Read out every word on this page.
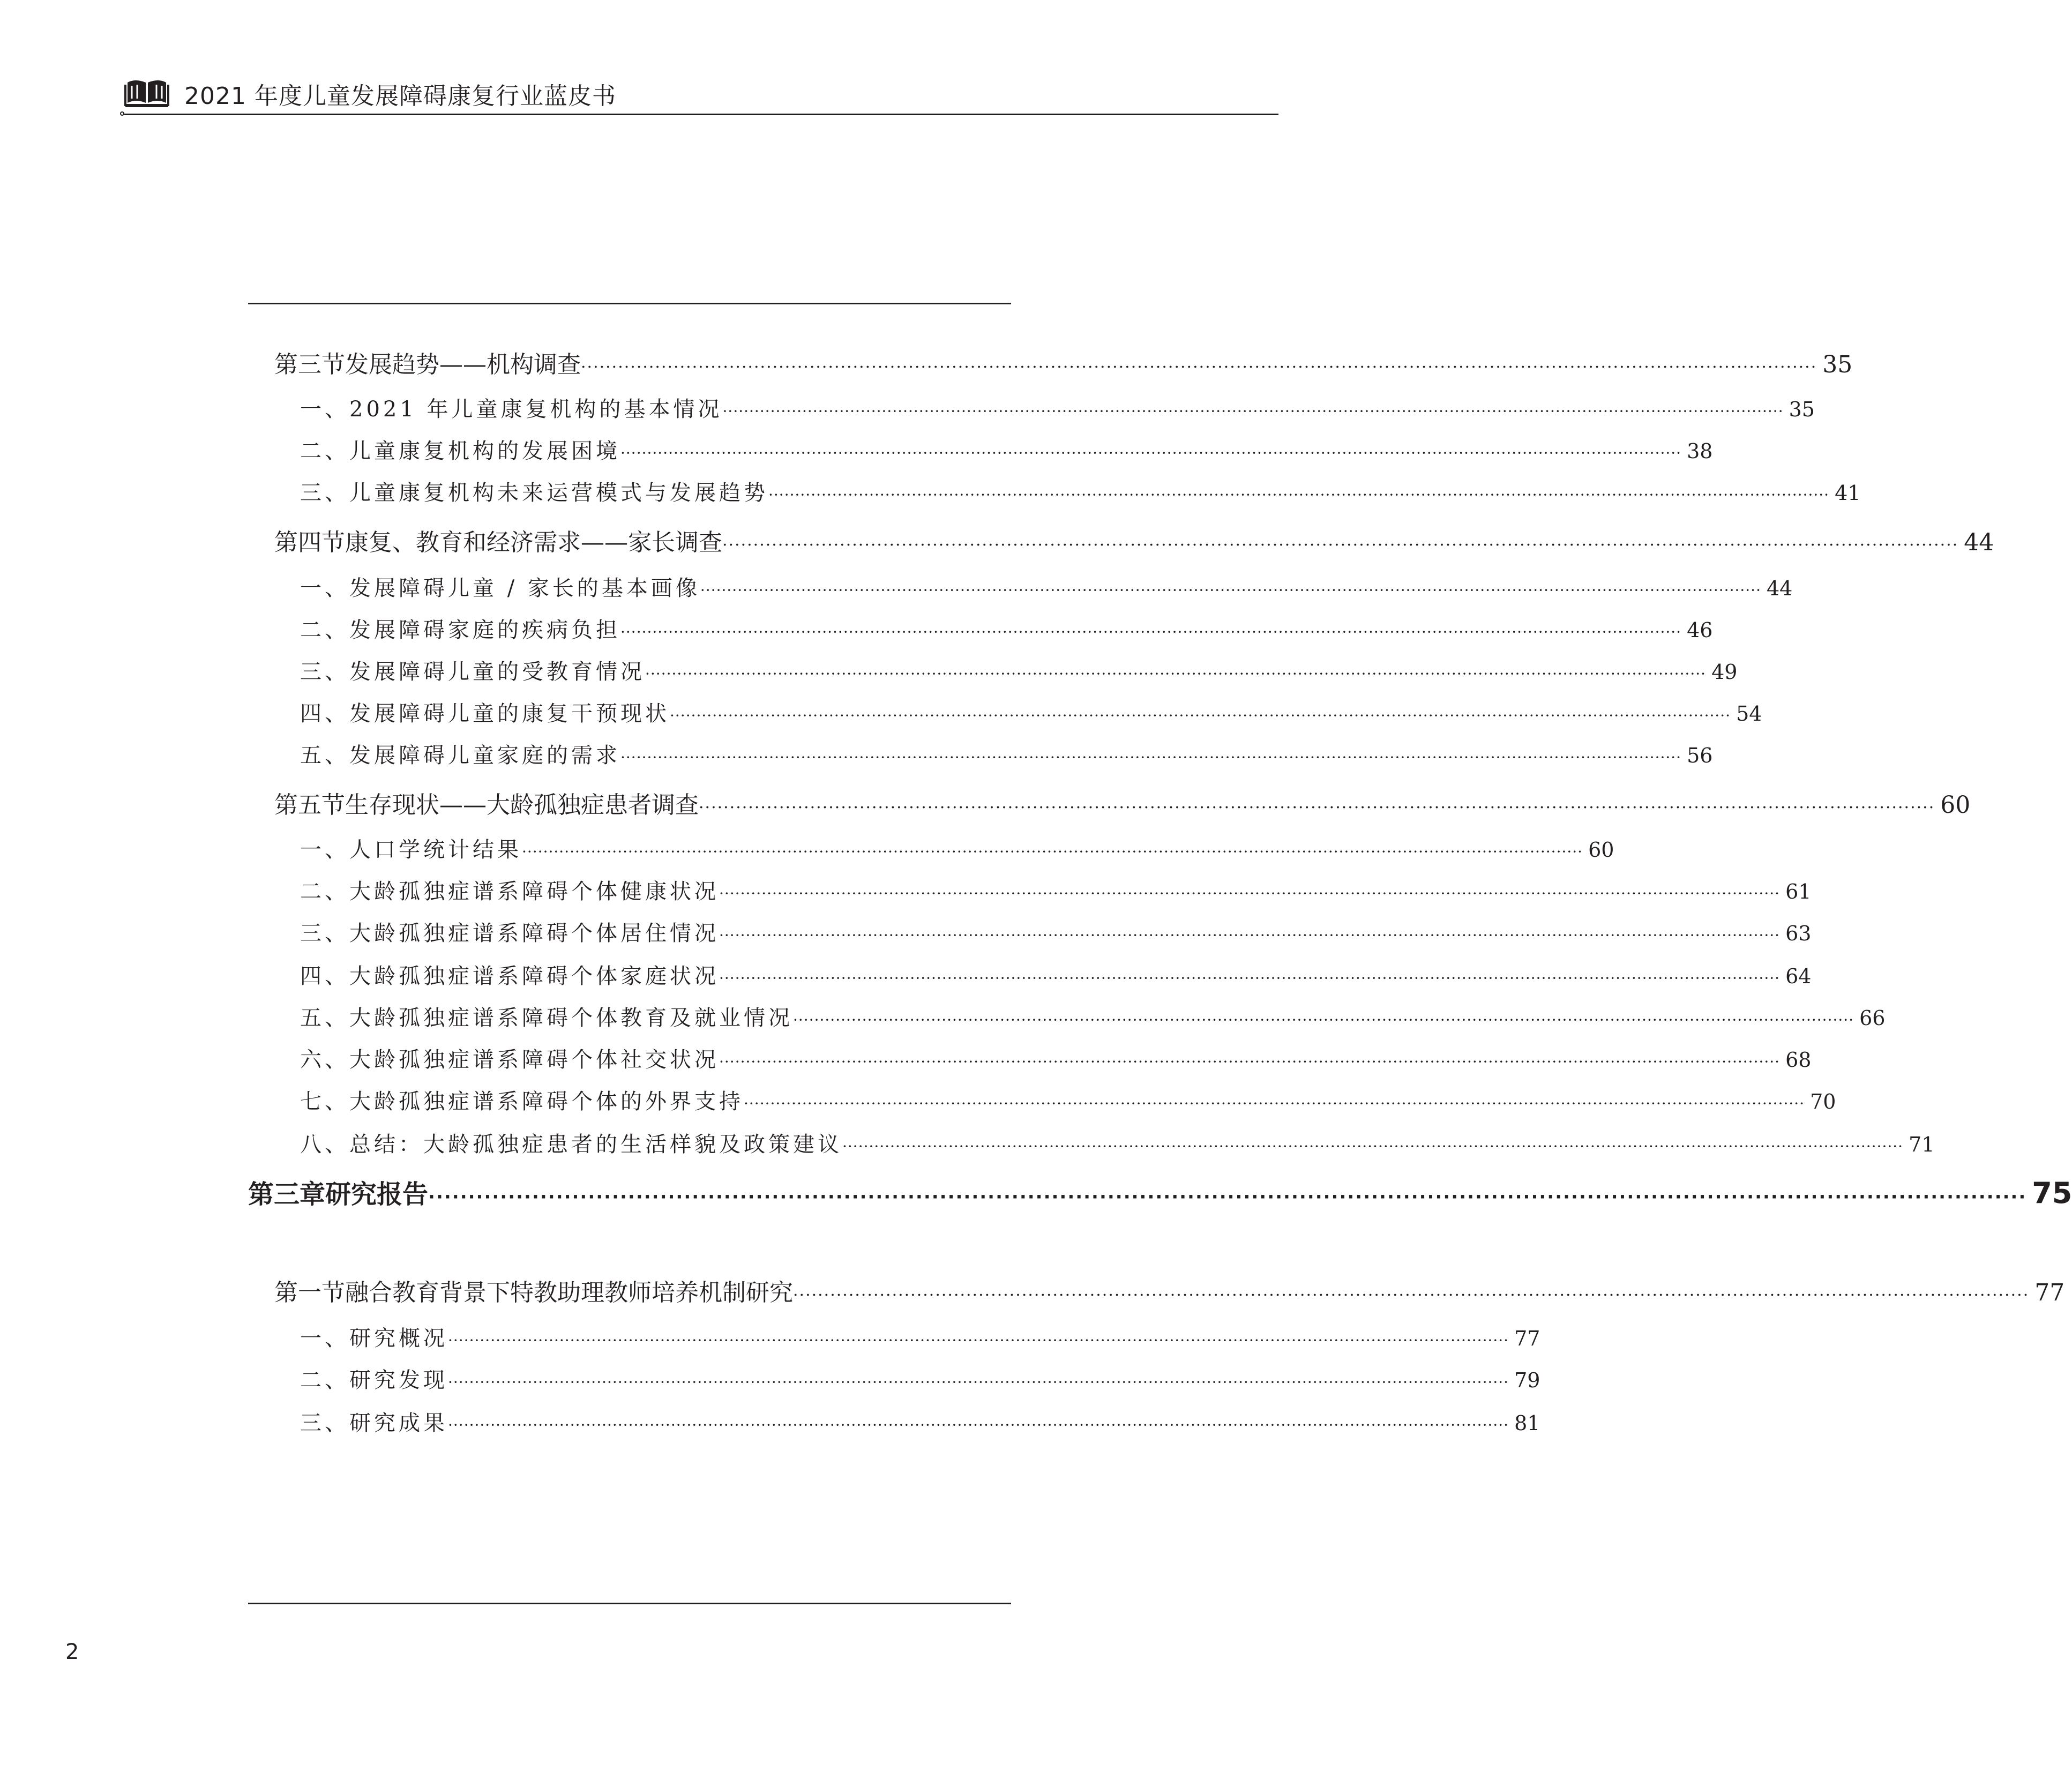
2021 年度儿童发展障碍康复行业蓝皮书
第三节 发展趋势——机构调查 ········································································································································································································ 35
一、2021 年儿童康复机构的基本情况 ········································································································································································································ 35
二、儿童康复机构的发展困境 ········································································································································································································ 38
三、儿童康复机构未来运营模式与发展趋势 ········································································································································································································ 41
第四节 康复、教育和经济需求——家长调查 ········································································································································································································ 44
一、发展障碍儿童 / 家长的基本画像 ········································································································································································································ 44
二、发展障碍家庭的疾病负担 ········································································································································································································ 46
三、发展障碍儿童的受教育情况 ········································································································································································································ 49
四、发展障碍儿童的康复干预现状 ········································································································································································································ 54
五、发展障碍儿童家庭的需求 ········································································································································································································ 56
第五节 生存现状——大龄孤独症患者调查 ········································································································································································································ 60
一、人口学统计结果 ········································································································································································································ 60
二、大龄孤独症谱系障碍个体健康状况 ········································································································································································································ 61
三、大龄孤独症谱系障碍个体居住情况 ········································································································································································································ 63
四、大龄孤独症谱系障碍个体家庭状况 ········································································································································································································ 64
五、大龄孤独症谱系障碍个体教育及就业情况 ········································································································································································································ 66
六、大龄孤独症谱系障碍个体社交状况 ········································································································································································································ 68
七、大龄孤独症谱系障碍个体的外界支持 ········································································································································································································ 70
八、总结：大龄孤独症患者的生活样貌及政策建议 ········································································································································································································ 71
第三章 研究报告 ········································································································································································································ 75
第一节 融合教育背景下特教助理教师培养机制研究 ········································································································································································································ 77
一、研究概况 ········································································································································································································ 77
二、研究发现 ········································································································································································································ 79
三、研究成果 ········································································································································································································ 81
2
